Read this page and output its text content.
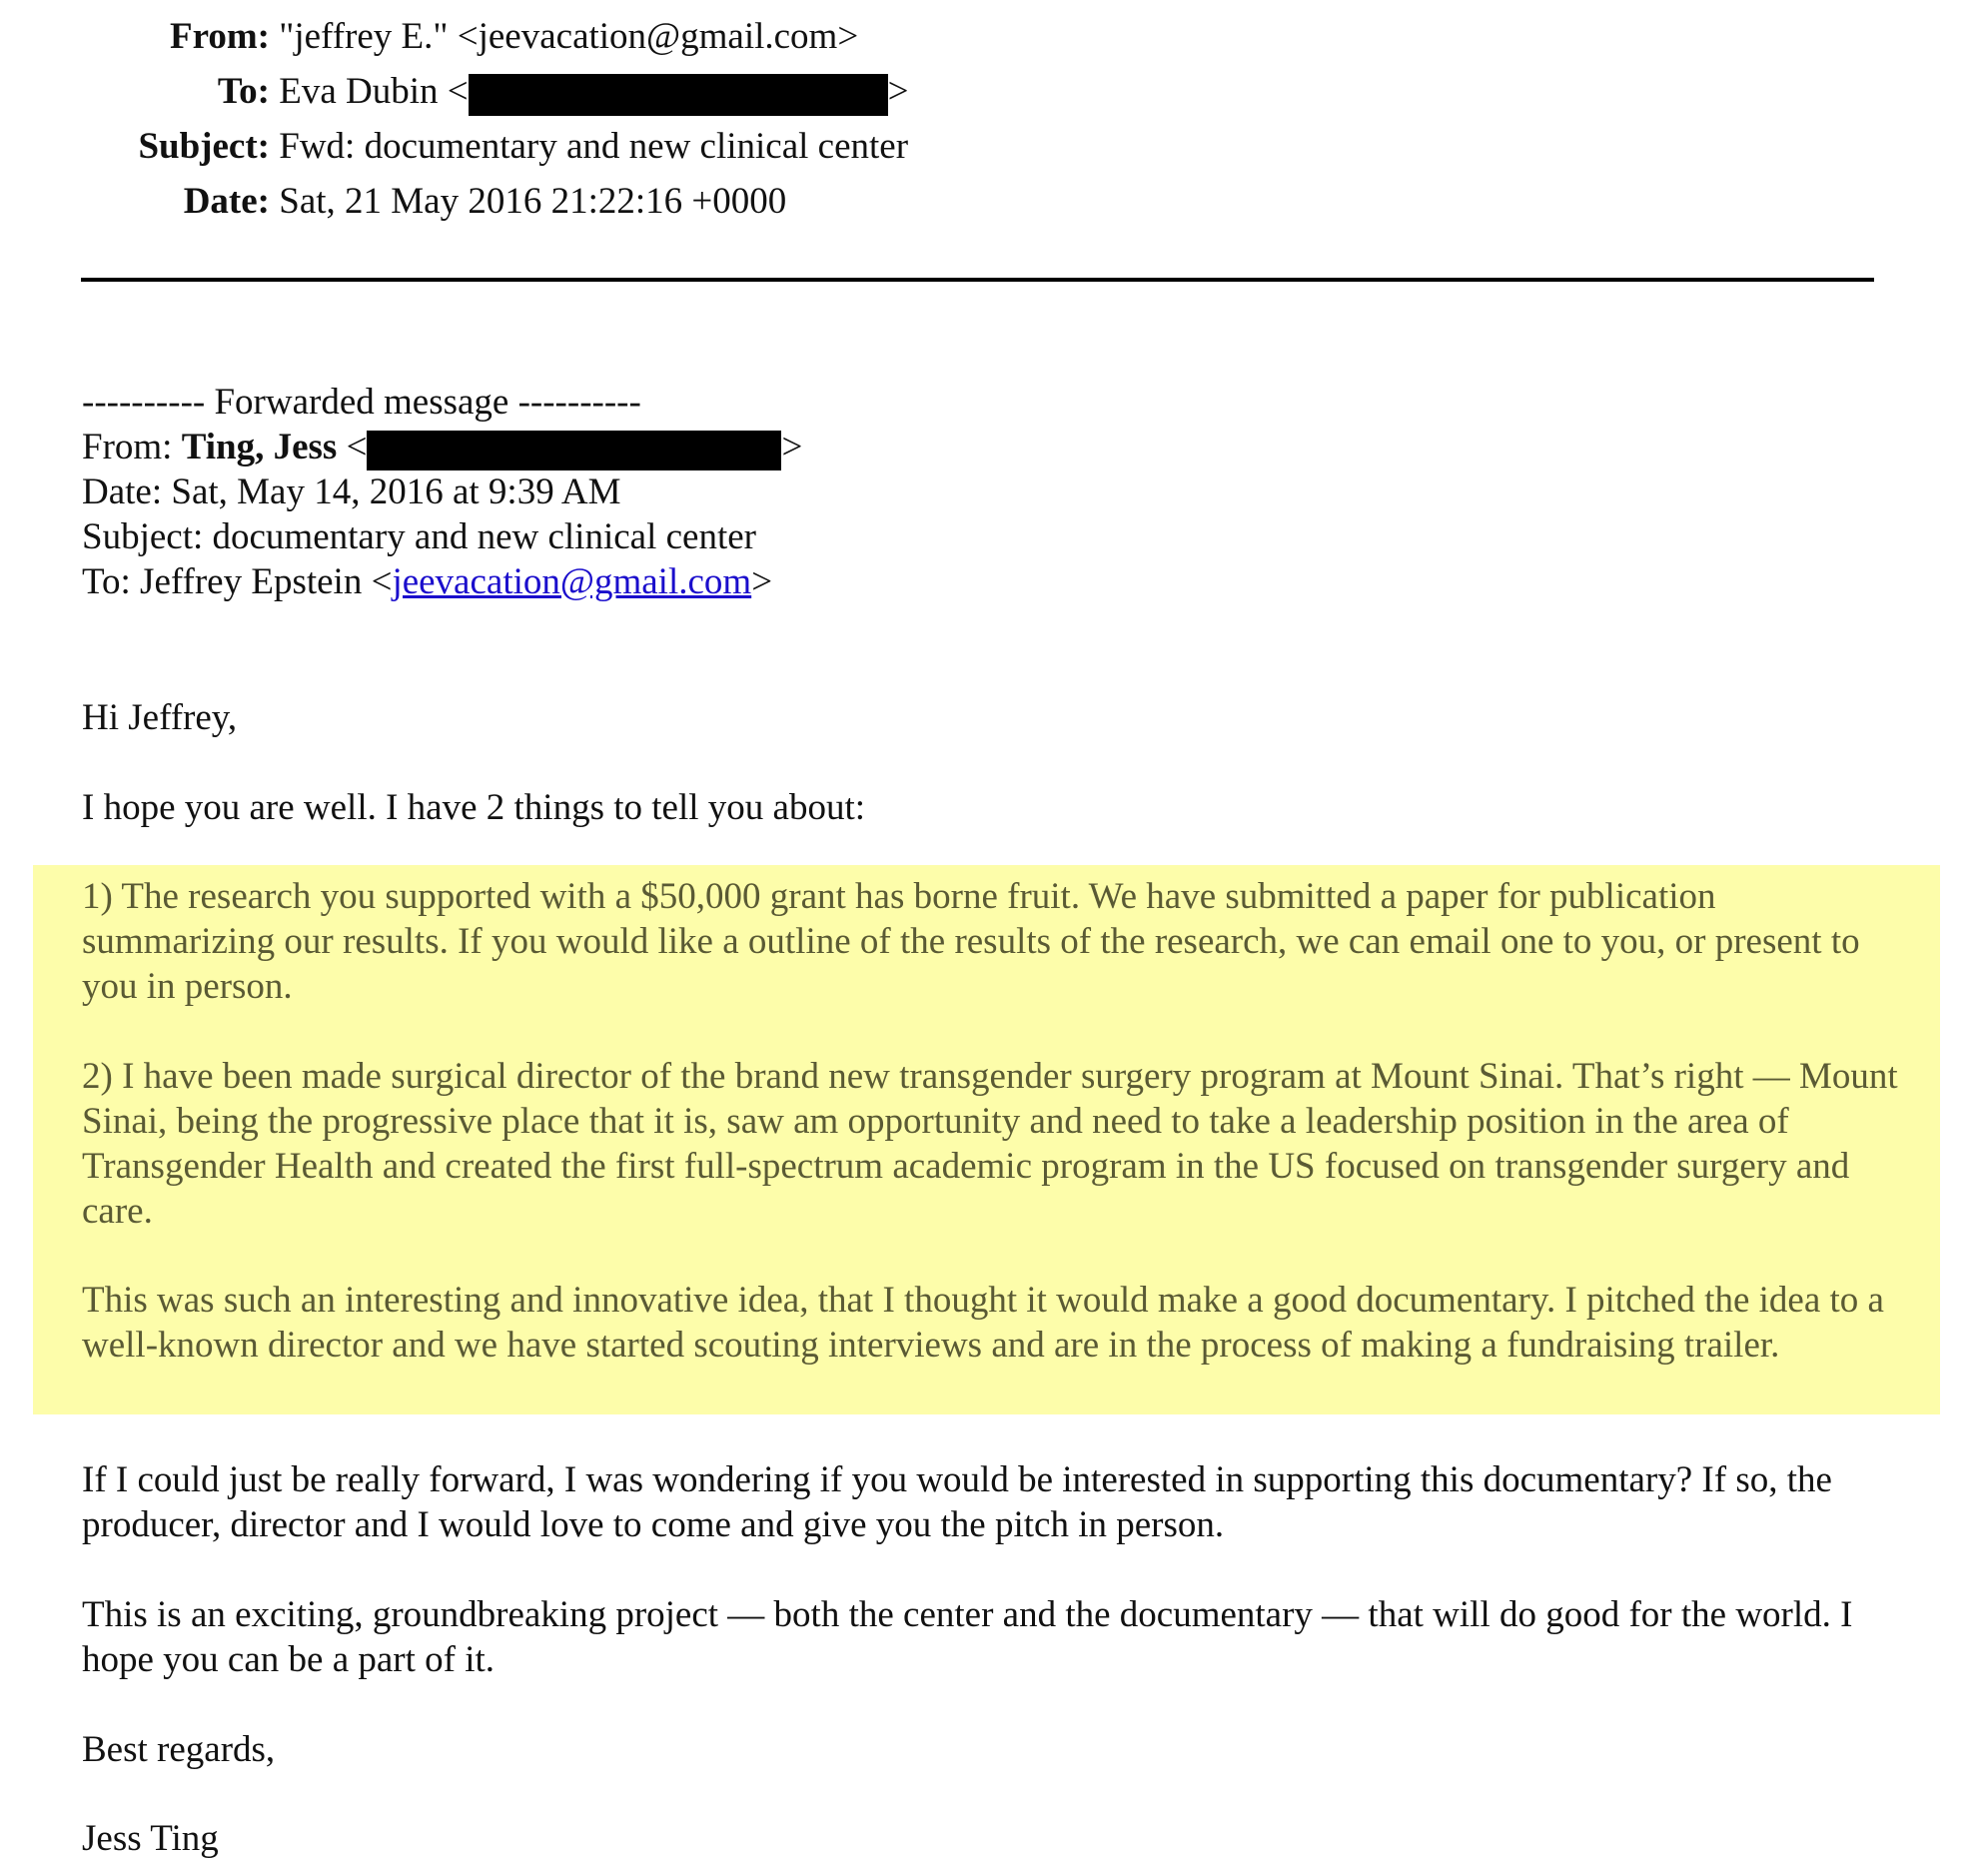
From: "jeffrey E." <jeevacation@gmail.com>
To: Eva Dubin <	>
Subject: Fwd: documentary and new clinical center
Date: Sat, 21 May 2016 21:22:16 +0000
---------- Forwarded message ----------
From: Ting, Jess <	>
Date: Sat, May 14, 2016 at 9:39 AM
Subject: documentary and new clinical center
To: Jeffrey Epstein <jeevacation@gmail.com>
Hi Jeffrey,
I hope you are well. I have 2 things to tell you about:
1) The research you supported with a $50,000 grant has borne fruit. We have submitted a paper for publication summarizing our results. If you would like a outline of the results of the research, we can email one to you, or present to you in person.
2) I have been made surgical director of the brand new transgender surgery program at Mount Sinai. That’s right — Mount Sinai, being the progressive place that it is, saw am opportunity and need to take a leadership position in the area of Transgender Health and created the first full-spectrum academic program in the US focused on transgender surgery and care.
This was such an interesting and innovative idea, that I thought it would make a good documentary. I pitched the idea to a well-known director and we have started scouting interviews and are in the process of making a fundraising trailer.
If I could just be really forward, I was wondering if you would be interested in supporting this documentary? If so, the producer, director and I would love to come and give you the pitch in person.
This is an exciting, groundbreaking project — both the center and the documentary — that will do good for the world. I hope you can be a part of it.
Best regards,
Jess Ting
